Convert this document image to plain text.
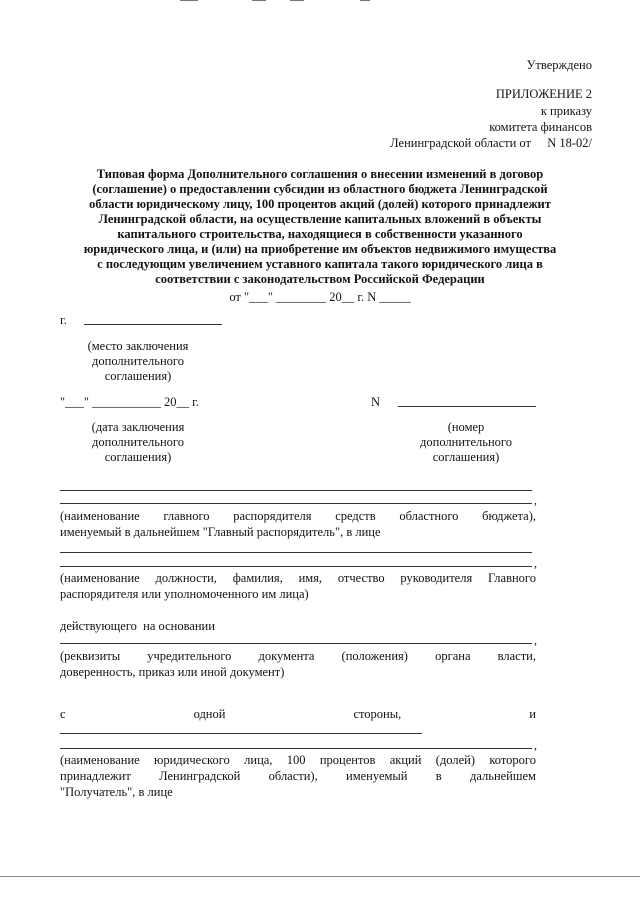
Утверждено
ПРИЛОЖЕНИЕ 2
к приказу
комитета финансов
Ленинградской области от N 18-02/
Типовая форма Дополнительного соглашения о внесении изменений в договор
(соглашение) о предоставлении субсидии из областного бюджета Ленинградской
области юридическому лицу, 100 процентов акций (долей) которого принадлежит
Ленинградской области, на осуществление капитальных вложений в объекты
капитального строительства, находящиеся в собственности указанного
юридического лица, и (или) на приобретение им объектов недвижимого имущества
с последующим увеличением уставного капитала такого юридического лица в
соответствии с законодательством Российской Федерации
от "___" ________ 20__ г. N _____
г.
(место заключения
дополнительного
соглашения)
"___" ___________ 20__ г.	N
(дата заключения
дополнительного
соглашения)
(номер
дополнительного
соглашения)
,
(наименование главного распорядителя средств областного бюджета),
именуемый в дальнейшем "Главный распорядитель", в лице
,
(наименование должности, фамилия, имя, отчество руководителя Главного
распорядителя или уполномоченного им лица)
действующего  на основании
,
(реквизиты учредительного документа (положения) органа власти,
доверенность, приказ или иной документ)
с	одной	стороны,	и
,
(наименование юридического лица, 100 процентов акций (долей) которого
принадлежит Ленинградской области), именуемый в дальнейшем
"Получатель", в лице
